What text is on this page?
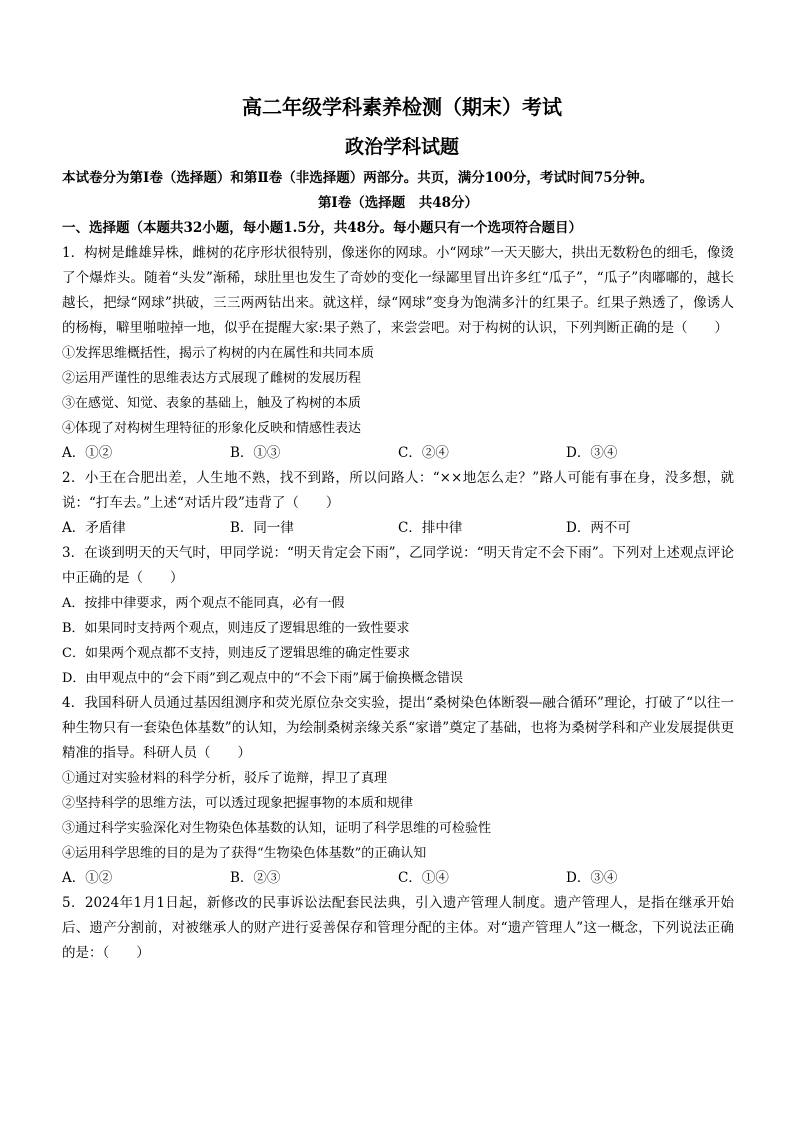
高二年级学科素养检测（期末）考试
政治学科试题

本试卷分为第Ⅰ卷（选择题）和第Ⅱ卷（非选择题）两部分。共页，满分100分，考试时间75分钟。

第Ⅰ卷（选择题　共48分）

一、选择题（本题共32小题，每小题1.5分，共48分。每小题只有一个选项符合题目）

1．构树是雌雄异株，雌树的花序形状很特别，像迷你的网球。小“网球”一天天膨大，拱出无数粉色的细毛，像烫了个爆炸头。随着“头发”渐稀，球肚里也发生了奇妙的变化一绿鄙里冒出许多红“瓜子”，“瓜子”肉嘟嘟的，越长越长，把绿“网球”拱破，三三两两钻出来。就这样，绿“网球”变身为饱满多汁的红果子。红果子熟透了，像诱人的杨梅，噼里啪啦掉一地，似乎在提醒大家:果子熟了，来尝尝吧。对于构树的认识，下列判断正确的是（　　）

①发挥思维概括性，揭示了构树的内在属性和共同本质

②运用严谨性的思维表达方式展现了雌树的发展历程

③在感觉、知觉、表象的基础上，触及了构树的本质

④体现了对构树生理特征的形象化反映和情感性表达

A．①②	B．①③	C．②④	D．③④

2．小王在合肥出差，人生地不熟，找不到路，所以问路人：“××地怎么走？”路人可能有事在身，没多想，就说：“打车去。”上述“对话片段”违背了（　　）

A．矛盾律	B．同一律	C．排中律	D．两不可

3．在谈到明天的天气时，甲同学说：“明天肯定会下雨”，乙同学说：“明天肯定不会下雨”。下列对上述观点评论中正确的是（　　）

A．按排中律要求，两个观点不能同真，必有一假

B．如果同时支持两个观点，则违反了逻辑思维的一致性要求

C．如果两个观点都不支持，则违反了逻辑思维的确定性要求

D．由甲观点中的“会下雨”到乙观点中的“不会下雨”属于偷换概念错误

4．我国科研人员通过基因组测序和荧光原位杂交实验，提出“桑树染色体断裂—融合循环”理论，打破了“以往一种生物只有一套染色体基数”的认知，为绘制桑树亲缘关系“家谱”奠定了基础，也将为桑树学科和产业发展提供更精准的指导。科研人员（　　）

①通过对实验材料的科学分析，驳斥了诡辩，捍卫了真理

②坚持科学的思维方法，可以透过现象把握事物的本质和规律

③通过科学实验深化对生物染色体基数的认知，证明了科学思维的可检验性

④运用科学思维的目的是为了获得“生物染色体基数”的正确认知

A．①②	B．②③	C．①④	D．③④

5．2024年1月1日起，新修改的民事诉讼法配套民法典，引入遗产管理人制度。遗产管理人，是指在继承开始后、遗产分割前，对被继承人的财产进行妥善保存和管理分配的主体。对“遗产管理人”这一概念，下列说法正确的是：（　　）
